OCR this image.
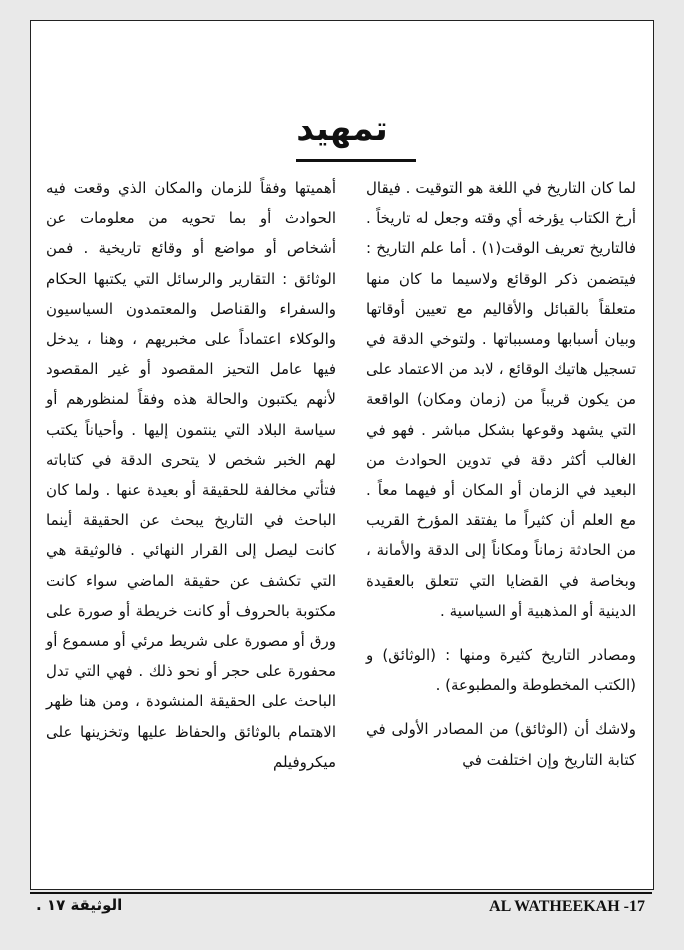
تمهيد

لما كان التاريخ في اللغة هو التوقيت . فيقال أرخ الكتاب يؤرخه أي وقته وجعل له تاريخاً . فالتاريخ تعريف الوقت(١) . أما علم التاريخ : فيتضمن ذكر الوقائع ولاسيما ما كان منها متعلقاً بالقبائل والأقاليم مع تعيين أوقاتها وبيان أسبابها ومسبباتها . ولتوخي الدقة في تسجيل هاتيك الوقائع ، لابد من الاعتماد على من يكون قريباً من (زمان ومكان) الواقعة التي يشهد وقوعها بشكل مباشر . فهو في الغالب أكثر دقة في تدوين الحوادث من البعيد في الزمان أو المكان أو فيهما معاً . مع العلم أن كثيراً ما يفتقد المؤرخ القريب من الحادثة زماناً ومكاناً إلى الدقة والأمانة ، وبخاصة في القضايا التي تتعلق بالعقيدة الدينية أو المذهبية أو السياسية .

ومصادر التاريخ كثيرة ومنها : (الوثائق) و (الكتب المخطوطة والمطبوعة) .

ولاشك أن (الوثائق) من المصادر الأولى في كتابة التاريخ وإن اختلفت في

أهميتها وفقاً للزمان والمكان الذي وقعت فيه الحوادث أو بما تحويه من معلومات عن أشخاص أو مواضع أو وقائع تاريخية . فمن الوثائق : التقارير والرسائل التي يكتبها الحكام والسفراء والقناصل والمعتمدون السياسيون والوكلاء اعتماداً على مخبريهم ، وهنا ، يدخل فيها عامل التحيز المقصود أو غير المقصود لأنهم يكتبون والحالة هذه وفقاً لمنظورهم أو سياسة البلاد التي ينتمون إليها . وأحياناً يكتب لهم الخبر شخص لا يتحرى الدقة في كتاباته فتأتي مخالفة للحقيقة أو بعيدة عنها . ولما كان الباحث في التاريخ يبحث عن الحقيقة أينما كانت ليصل إلى القرار النهائي . فالوثيقة هي التي تكشف عن حقيقة الماضي سواء كانت مكتوبة بالحروف أو كانت خريطة أو صورة على ورق أو مصورة على شريط مرئي أو مسموع أو محفورة على حجر أو نحو ذلك . فهي التي تدل الباحث على الحقيقة المنشودة ، ومن هنا ظهر الاهتمام بالوثائق والحفاظ عليها وتخزينها على ميكروفيلم

AL WATHEEKAH -17
الوثيقة ١٧ .
